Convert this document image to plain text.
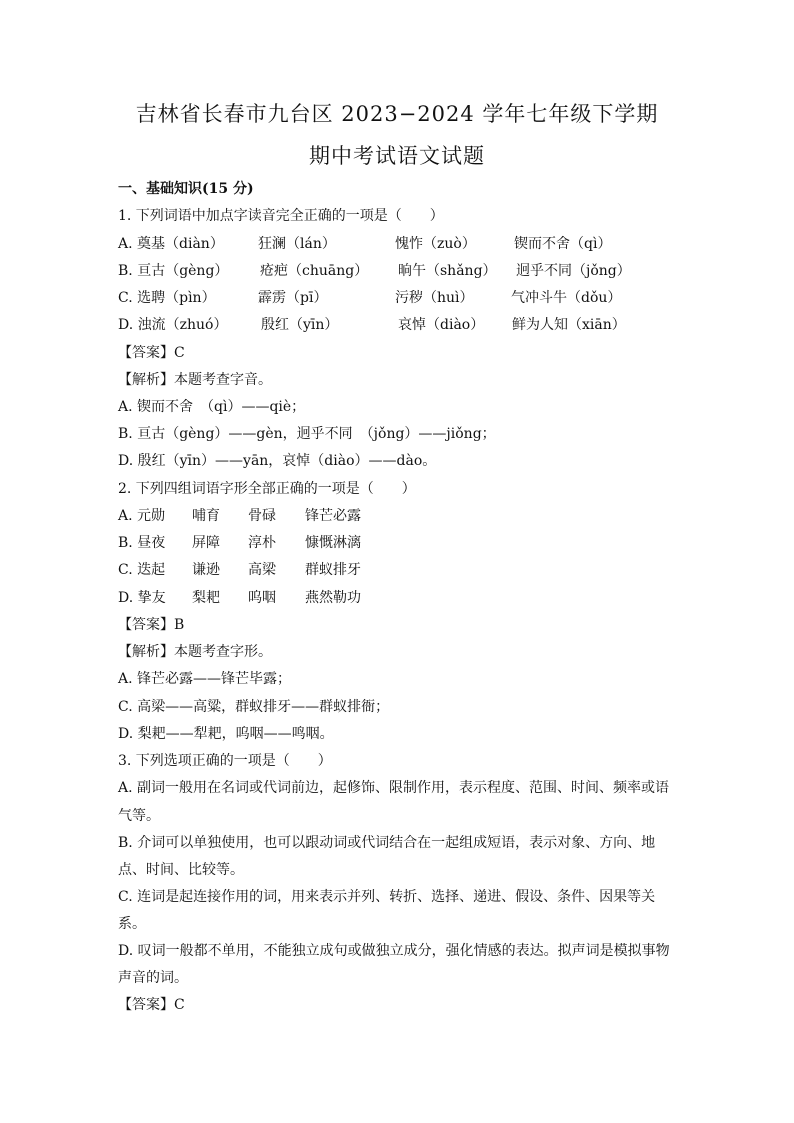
吉林省长春市九台区 2023−2024 学年七年级下学期
期中考试语文试题
一、基础知识(15 分)
1. 下列词语中加点字读音完全正确的一项是（　　）
A. 奠基（diàn） 狂澜（lán）	愧怍（zuò）	锲而不舍（qì）
B. 亘古（gèng） 疮疤（chuāng） 晌午（shǎng） 迥乎不同（jǒng）
C. 选聘（pìn）	霹雳（pī）	污秽（huì）	气冲斗牛（dǒu）
D. 浊流（zhuó） 殷红（yīn）	哀悼（diào） 鲜为人知（xiān）
【答案】C
【解析】本题考查字音。
A. 锲而不舍　（qì）——qiè；
B. 亘古（gèng）——gèn，迥乎不同　（jǒng）——jiǒng；
D. 殷红（yīn）——yān，哀悼（diào）——dào。
2. 下列四组词语字形全部正确的一项是（　　）
A. 元勋 哺育 骨碌 锋芒必露
B. 昼夜 屏障 淳朴 慷慨淋漓
C. 迭起 谦逊 高梁 群蚁排牙
D. 挚友 梨耙 呜咽 燕然勒功
【答案】B
【解析】本题考查字形。
A. 锋芒必露——锋芒毕露；
C. 高梁——高粱，群蚁排牙——群蚁排衙；
D. 梨耙——犁耙，呜咽——鸣咽。
3. 下列选项正确的一项是（　　）
A. 副词一般用在名词或代词前边，起修饰、限制作用，表示程度、范围、时间、频率或语
气等。
B. 介词可以单独使用，也可以跟动词或代词结合在一起组成短语，表示对象、方向、地
点、时间、比较等。
C. 连词是起连接作用的词，用来表示并列、转折、选择、递进、假设、条件、因果等关
系。
D. 叹词一般都不单用，不能独立成句或做独立成分，强化情感的表达。拟声词是模拟事物
声音的词。
【答案】C
